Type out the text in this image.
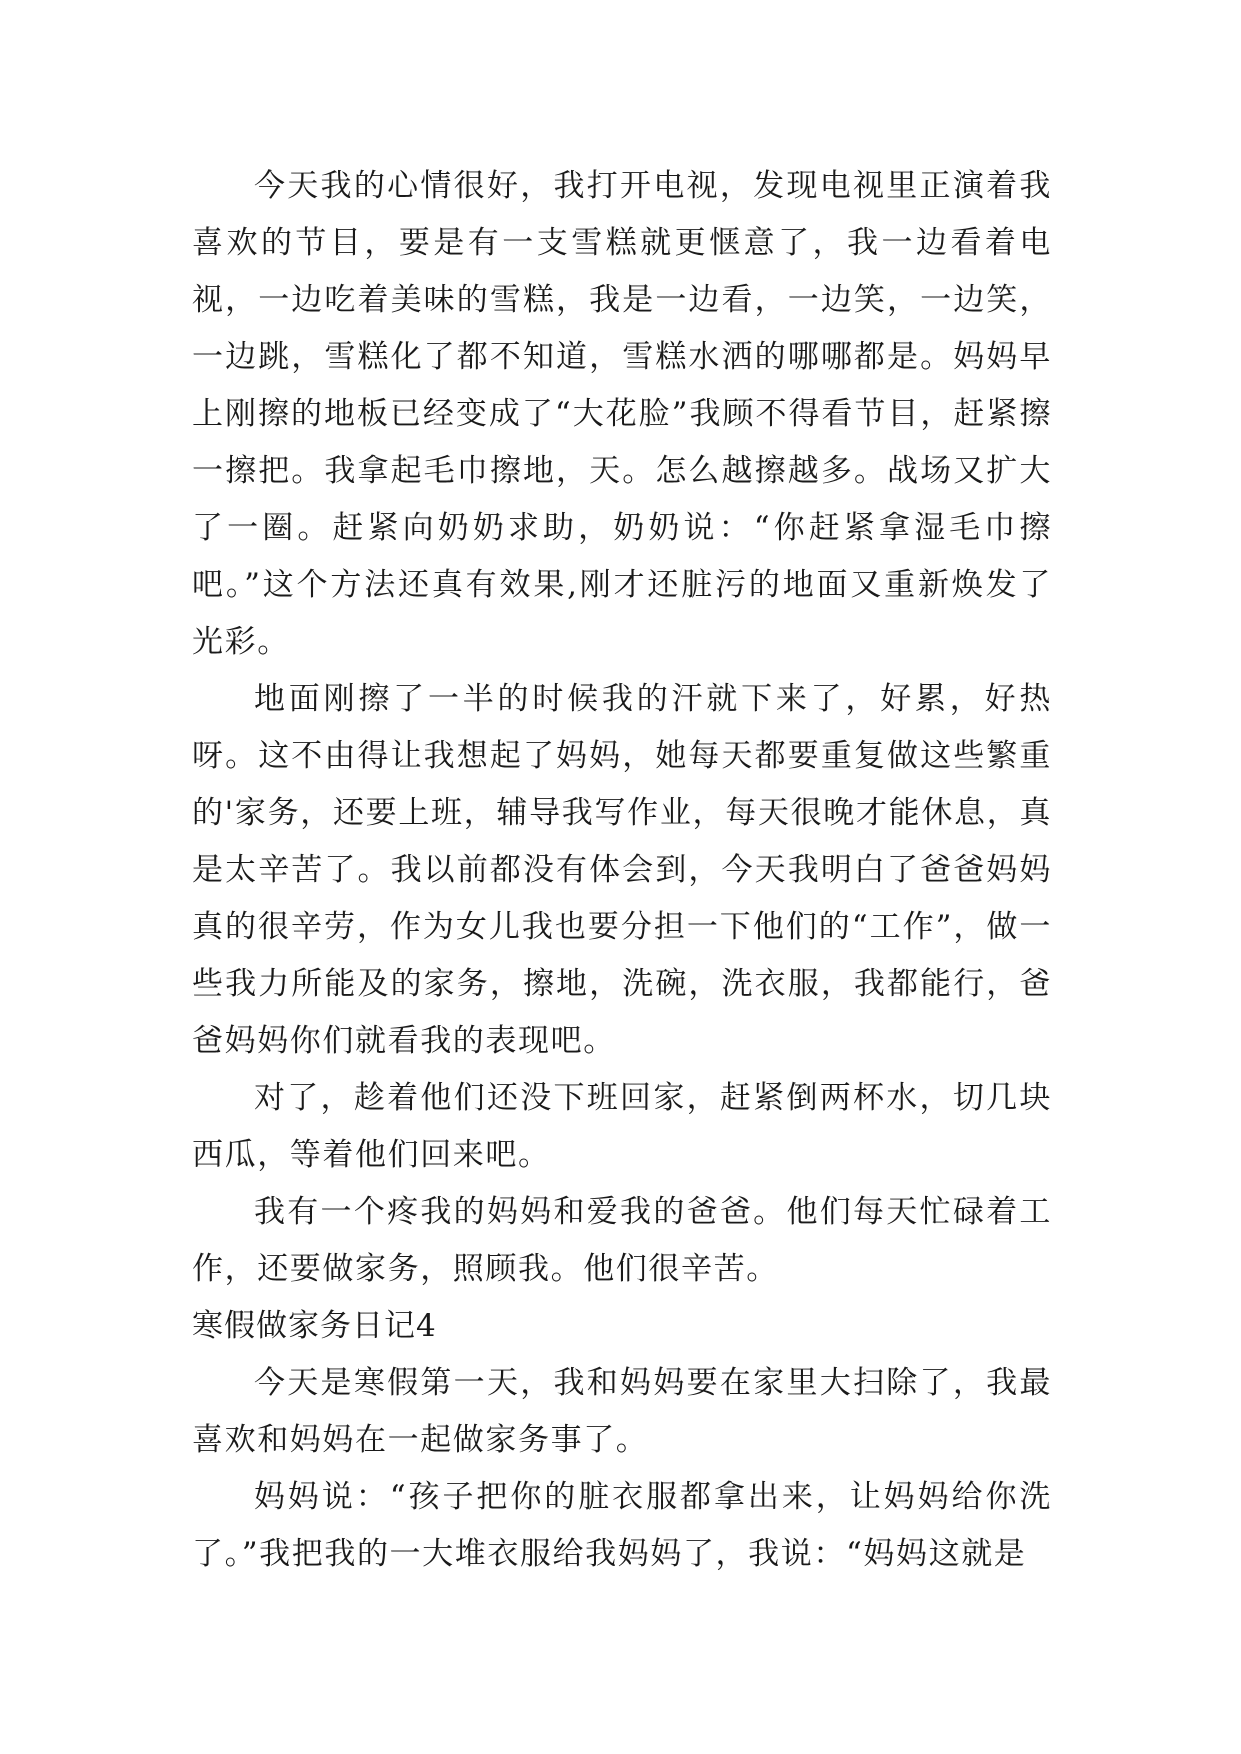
今天我的心情很好，我打开电视，发现电视里正演着我喜欢的节目，要是有一支雪糕就更惬意了，我一边看着电视，一边吃着美味的雪糕，我是一边看，一边笑，一边笑，一边跳，雪糕化了都不知道，雪糕水洒的哪哪都是。妈妈早上刚擦的地板已经变成了“大花脸”我顾不得看节目，赶紧擦一擦把。我拿起毛巾擦地，天。怎么越擦越多。战场又扩大了一圈。赶紧向奶奶求助，奶奶说：“你赶紧拿湿毛巾擦吧。”这个方法还真有效果,刚才还脏污的地面又重新焕发了光彩。

地面刚擦了一半的时候我的汗就下来了，好累，好热呀。这不由得让我想起了妈妈，她每天都要重复做这些繁重的'家务，还要上班，辅导我写作业，每天很晚才能休息，真是太辛苦了。我以前都没有体会到，今天我明白了爸爸妈妈真的很辛劳，作为女儿我也要分担一下他们的“工作”，做一些我力所能及的家务，擦地，洗碗，洗衣服，我都能行，爸爸妈妈你们就看我的表现吧。

对了，趁着他们还没下班回家，赶紧倒两杯水，切几块西瓜，等着他们回来吧。

我有一个疼我的妈妈和爱我的爸爸。他们每天忙碌着工作，还要做家务，照顾我。他们很辛苦。

寒假做家务日记4

今天是寒假第一天，我和妈妈要在家里大扫除了，我最喜欢和妈妈在一起做家务事了。

妈妈说：“孩子把你的脏衣服都拿出来，让妈妈给你洗了。”我把我的一大堆衣服给我妈妈了，我说：“妈妈这就是
